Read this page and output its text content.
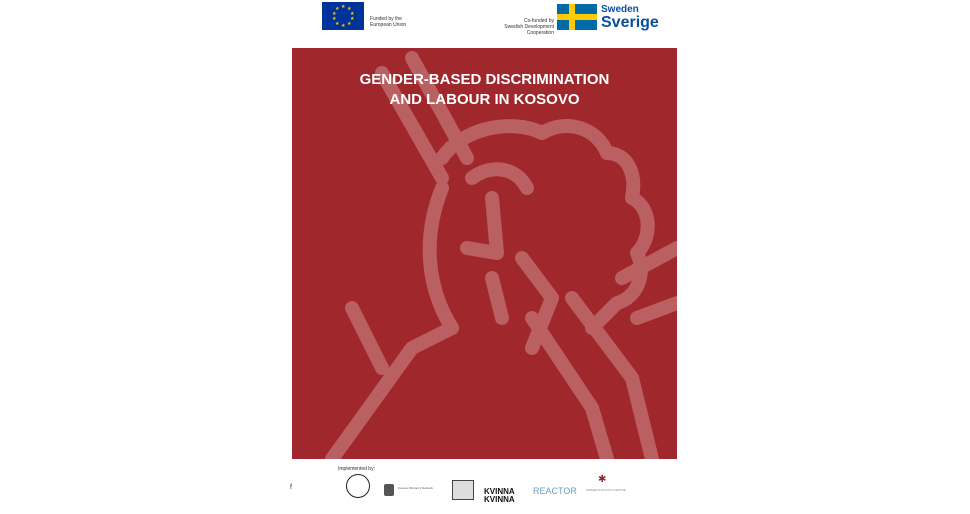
★ ★
★
★
★
★
★
★
★
★
Funded by the
European Union
Co-funded by
Swedish Development Cooperation
Sweden
Sverige
GENDER-BASED DISCRIMINATION
AND LABOUR IN KOSOVO
Implemented by:
f	Kosovo Women's Network	KVINNA
KVINNA
REACTOR
✱
WOMEN'S RIGHTS CENTRE
